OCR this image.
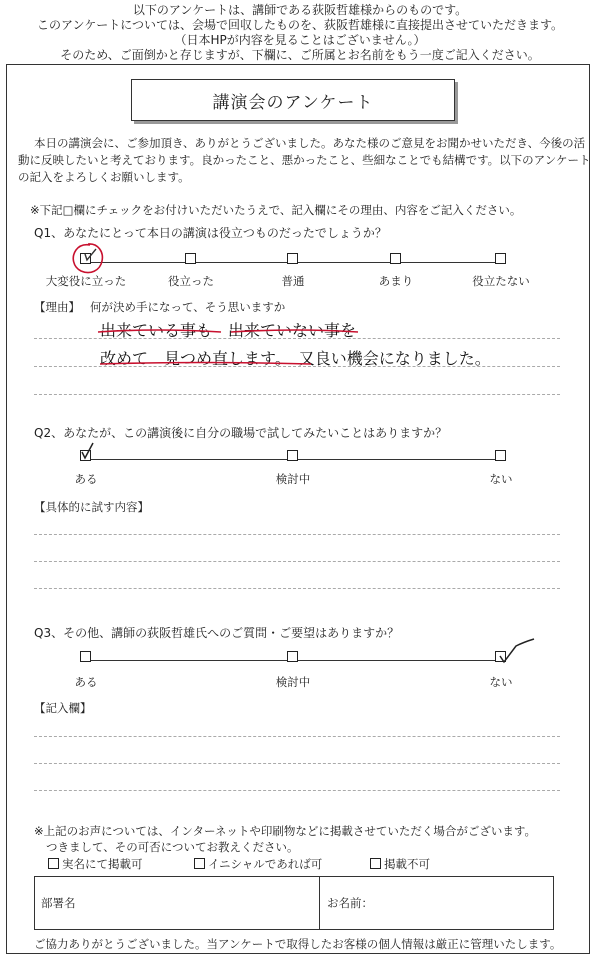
以下のアンケートは、講師である荻阪哲雄様からのものです。
このアンケートについては、会場で回収したものを、荻阪哲雄様に直接提出させていただきます。
（日本HPが内容を見ることはございません。）
そのため、ご面倒かと存じますが、下欄に、ご所属とお名前をもう一度ご記入ください。
講演会のアンケート
本日の講演会に、ご参加頂き、ありがとうございました。あなた様のご意見をお聞かせいただき、今後の活
動に反映したいと考えております。良かったこと、悪かったこと、些細なことでも結構です。以下のアンケート
の記入をよろしくお願いします。
※下記□欄にチェックをお付けいただいたうえで、記入欄にその理由、内容をご記入ください。
Q1、あなたにとって本日の講演は役立つものだったでしょうか？
大変役に立った	役立った	普通	あまり	役立たない
【理由】 何が決め手になって、そう思いますか
出来ている事も　出来ていない事を
改めて　見つめ直します。　又良い機会になりました。
Q2、あなたが、この講演後に自分の職場で試してみたいことはありますか？
ある	検討中	ない
【具体的に試す内容】
Q3、その他、講師の荻阪哲雄氏へのご質問・ご要望はありますか？
ある	検討中	ない
【記入欄】
※上記のお声については、インターネットや印刷物などに掲載させていただく場合がございます。
つきまして、その可否についてお教えください。
実名にて掲載可	イニシャルであれば可	掲載不可
部署名	お名前：
ご協力ありがとうございました。当アンケートで取得したお客様の個人情報は厳正に管理いたします。
